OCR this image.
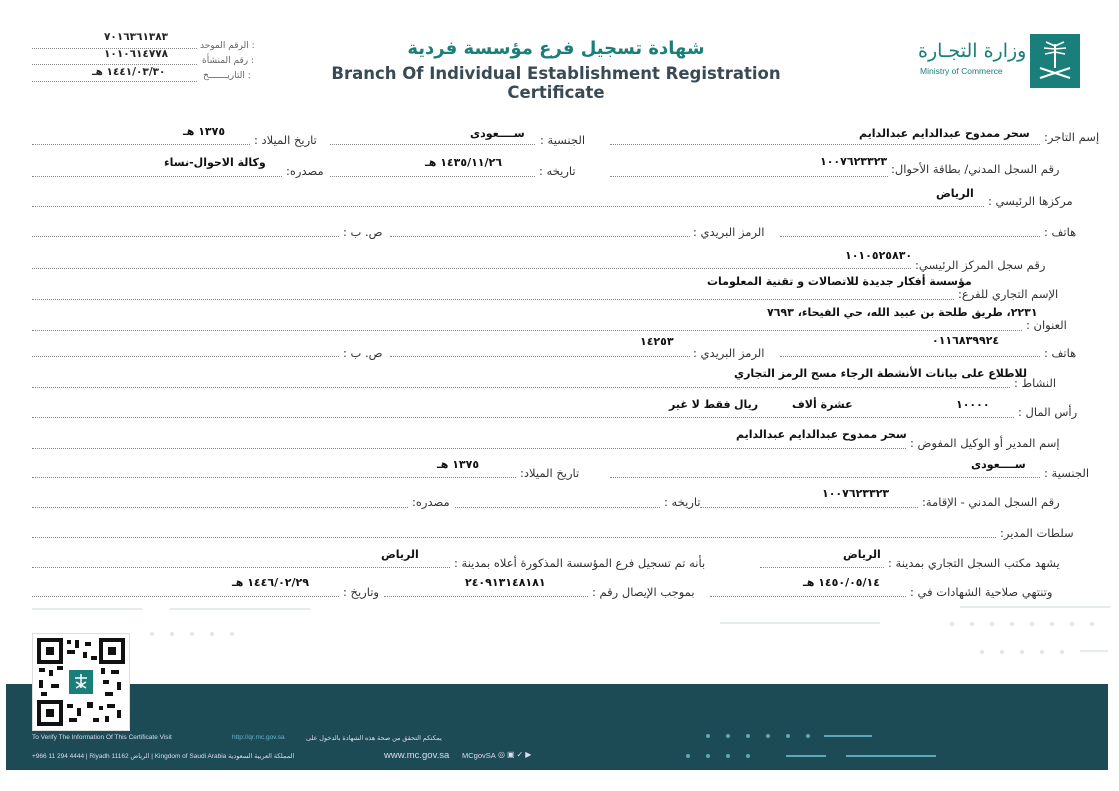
الرقم الموحد :
٧٠١٦٣٦١٣٨٣
رقم المنشأة :
١٠١٠٦١٤٧٧٨
التاريـــــــخ :
١٤٤١/٠٣/٣٠ هـ
شهادة تسجيل فرع مؤسسة فردية
Branch Of Individual Establishment Registration Certificate
وزارة التجـارة
Ministry of Commerce
إسم التاجر:
سحر ممدوح عبدالدايم عبدالدايم
الجنسية :
ســــعودى
تاريخ الميلاد :
١٣٧٥ هـ
رقم السجل المدني/ بطاقة الأحوال:
١٠٠٧٦٢٣٣٢٣
تاريخه :
١٤٣٥/١١/٢٦ هـ
مصدره:
وكالة الاحوال-نساء
مركزها الرئيسي :
الرياض
هاتف :
الرمز البريدي :
ص. ب :
رقم سجل المركز الرئيسي:
١٠١٠٥٢٥٨٣٠
الإسم التجاري للفرع:
مؤسسة أفكار جديدة للاتصالات و تقنية المعلومات
العنوان :
٢٢٣١، طريق طلحة بن عبيد الله، حي الفيحاء، ٧٦٩٣
هاتف :
٠١١٦٨٣٩٩٢٤
الرمز البريدي :
١٤٢٥٣
ص. ب :
النشاط :
للاطلاع على بيانات الأنشطة الرجاء مسح الرمز التجاري
رأس المال :
١٠٠٠٠
عشرة ألاف
ريال
فقط لا غير
إسم المدير أو الوكيل المفوض :
سحر ممدوح عبدالدايم عبدالدايم
الجنسية :
ســــعودى
تاريخ الميلاد:
١٣٧٥ هـ
رقم السجل المدني - الإقامة:
١٠٠٧٦٢٣٣٢٣
تاريخه :
مصدره:
سلطات المدير:
يشهد مكتب السجل التجاري بمدينة :
الرياض
بأنه تم تسجيل فرع المؤسسة المذكورة أعلاه بمدينة :
الرياض
وتنتهي صلاحية الشهادات في :
١٤٥٠/٠٥/١٤ هـ
بموجب الإيصال رقم :
٢٤٠٩١٣١٤٨١٨١
وتاريخ :
١٤٤٦/٠٢/٢٩ هـ
To Verify The Information Of This Certificate Visit	http://qr.mc.gov.sa	يمكنكم التحقق من صحة هذه الشهادة بالدخول على
+966 11 294 4444 | Riyadh 11162 الرياض | Kingdom of Saudi Arabia المملكة العربية السعودية	www.mc.gov.sa MCgovSA ◎▣✓▶
